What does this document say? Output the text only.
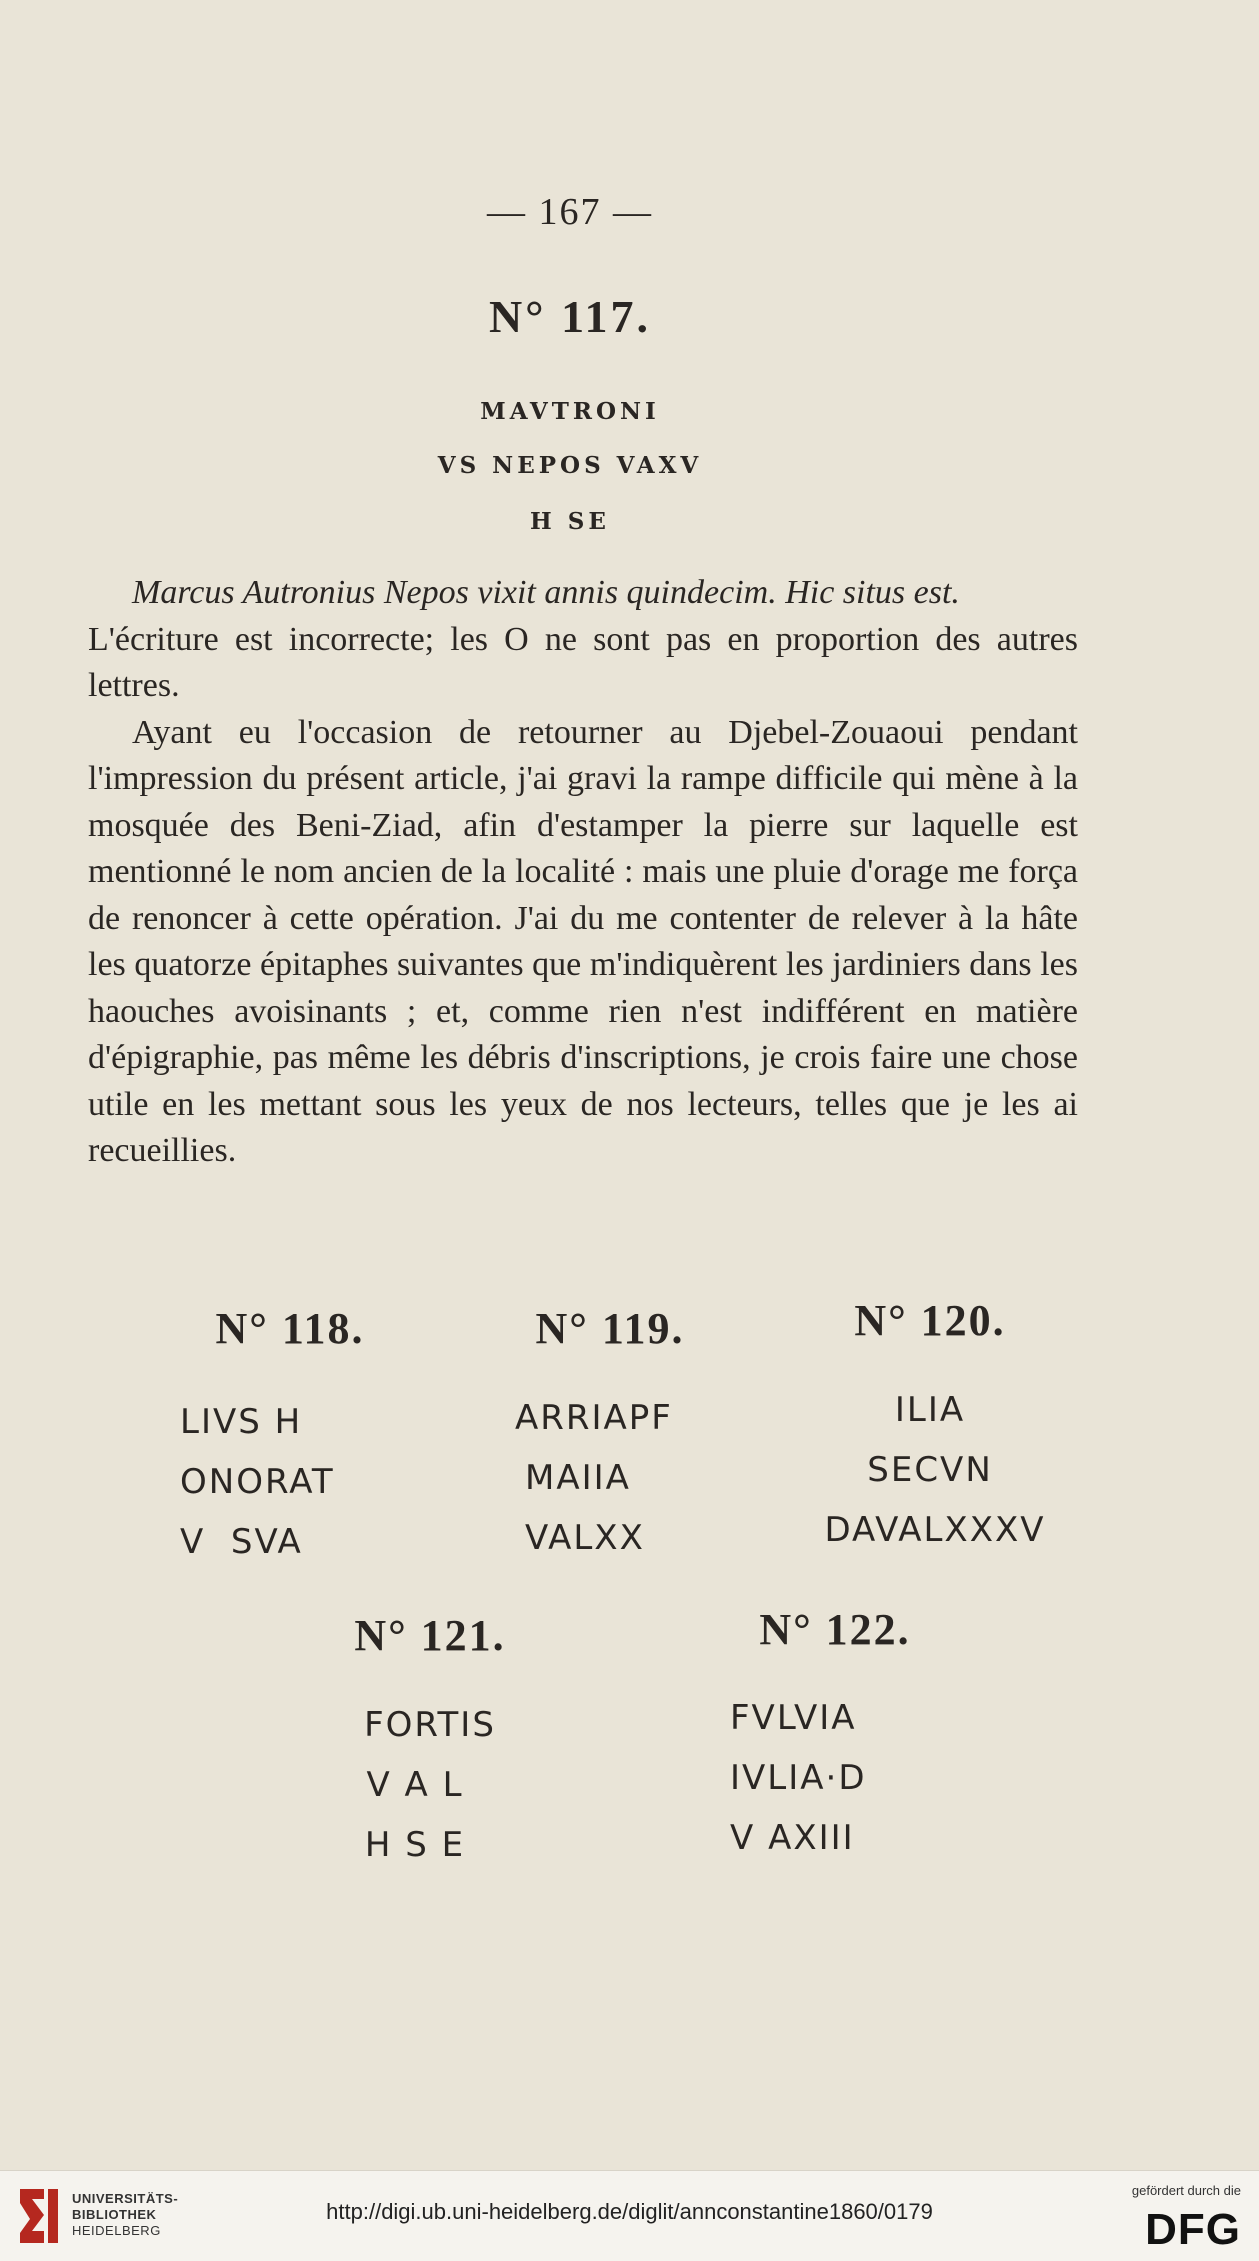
— 167 —
N° 117.
MAVTRONI
VS NEPOS VAXV
H SE

Marcus Autronius Nepos vixit annis quindecim. Hic situs est.

L'écriture est incorrecte; les O ne sont pas en proportion des autres lettres.

Ayant eu l'occasion de retourner au Djebel-Zouaoui pendant l'impression du présent article, j'ai gravi la rampe difficile qui mène à la mosquée des Beni-Ziad, afin d'estamper la pierre sur laquelle est mentionné le nom ancien de la localité : mais une pluie d'orage me força de renoncer à cette opération. J'ai du me contenter de relever à la hâte les quatorze épitaphes suivantes que m'indiquèrent les jardiniers dans les haouches avoisinants ; et, comme rien n'est indifférent en matière d'épigraphie, pas même les débris d'inscriptions, je crois faire une chose utile en les mettant sous les yeux de nos lecteurs, telles que je les ai recueillies.

N° 118.
LIVS H
ONORAT
V  SVA
N° 119.
ARRIAPF
MAIIA
VALXX
N° 120.
ILIA
SECVN
DAVALXXXV
N° 121.
FORTIS
V A L
H S E
N° 122.
FVLVIA
IVLIA·D
V AXIII
UNIVERSITÄTS-
BIBLIOTHEK
HEIDELBERG
http://digi.ub.uni-heidelberg.de/diglit/annconstantine1860/0179
gefördert durch die
DFG
